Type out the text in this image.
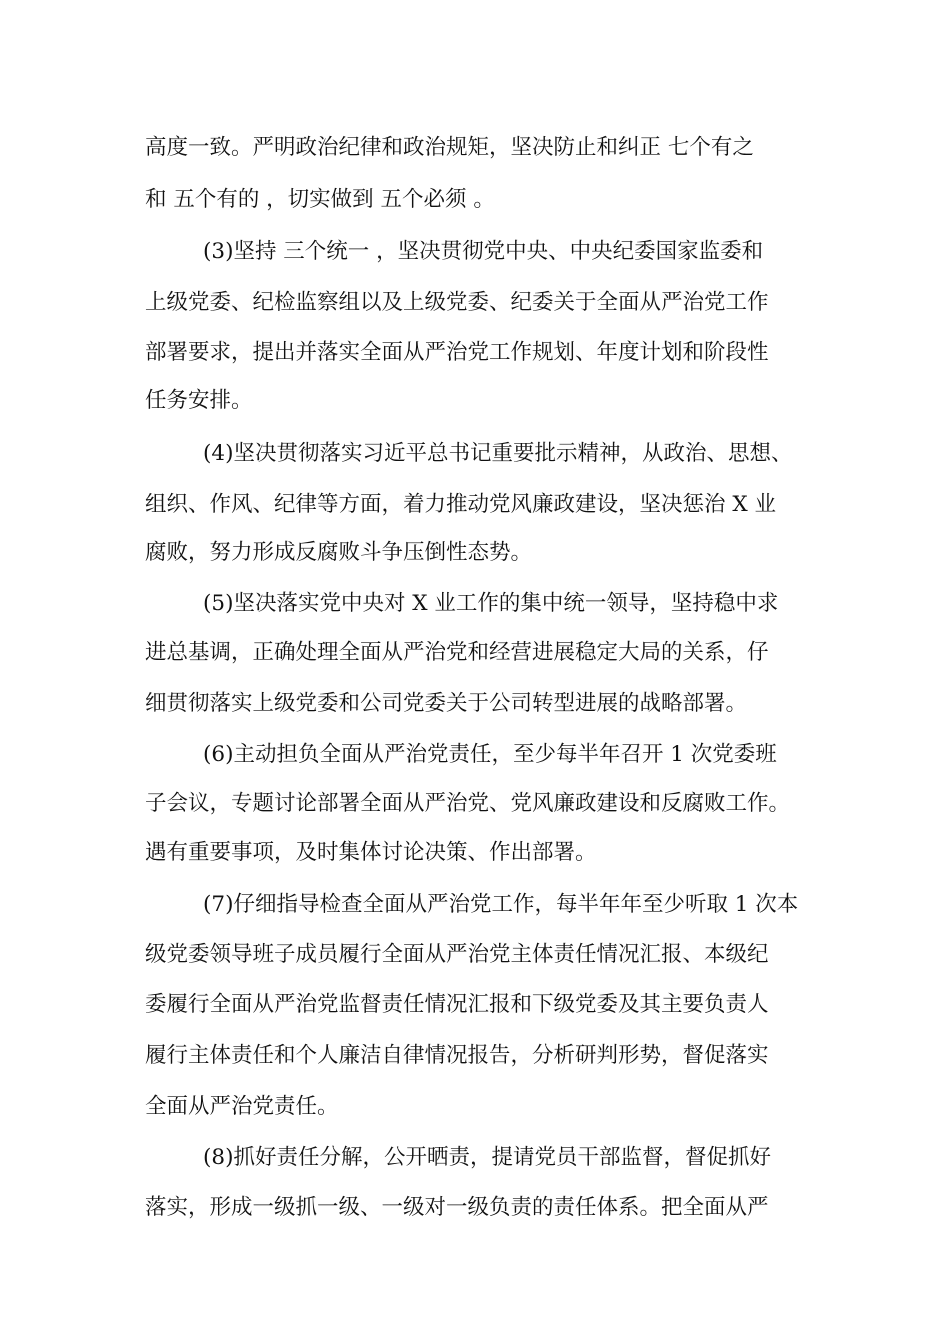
高度一致。严明政治纪律和政治规矩，坚决防止和纠正 七个有之
和 五个有的 ，切实做到 五个必须 。
(3)坚持 三个统一 ，坚决贯彻党中央、中央纪委国家监委和
上级党委、纪检监察组以及上级党委、纪委关于全面从严治党工作
部署要求，提出并落实全面从严治党工作规划、年度计划和阶段性
任务安排。
(4)坚决贯彻落实习近平总书记重要批示精神，从政治、思想、
组织、作风、纪律等方面，着力推动党风廉政建设，坚决惩治 X 业
腐败，努力形成反腐败斗争压倒性态势。
(5)坚决落实党中央对 X 业工作的集中统一领导，坚持稳中求
进总基调，正确处理全面从严治党和经营进展稳定大局的关系，仔
细贯彻落实上级党委和公司党委关于公司转型进展的战略部署。
(6)主动担负全面从严治党责任，至少每半年召开 1 次党委班
子会议，专题讨论部署全面从严治党、党风廉政建设和反腐败工作。
遇有重要事项，及时集体讨论决策、作出部署。
(7)仔细指导检查全面从严治党工作，每半年年至少听取 1 次本
级党委领导班子成员履行全面从严治党主体责任情况汇报、本级纪
委履行全面从严治党监督责任情况汇报和下级党委及其主要负责人
履行主体责任和个人廉洁自律情况报告，分析研判形势，督促落实
全面从严治党责任。
(8)抓好责任分解，公开晒责，提请党员干部监督，督促抓好
落实，形成一级抓一级、一级对一级负责的责任体系。把全面从严
